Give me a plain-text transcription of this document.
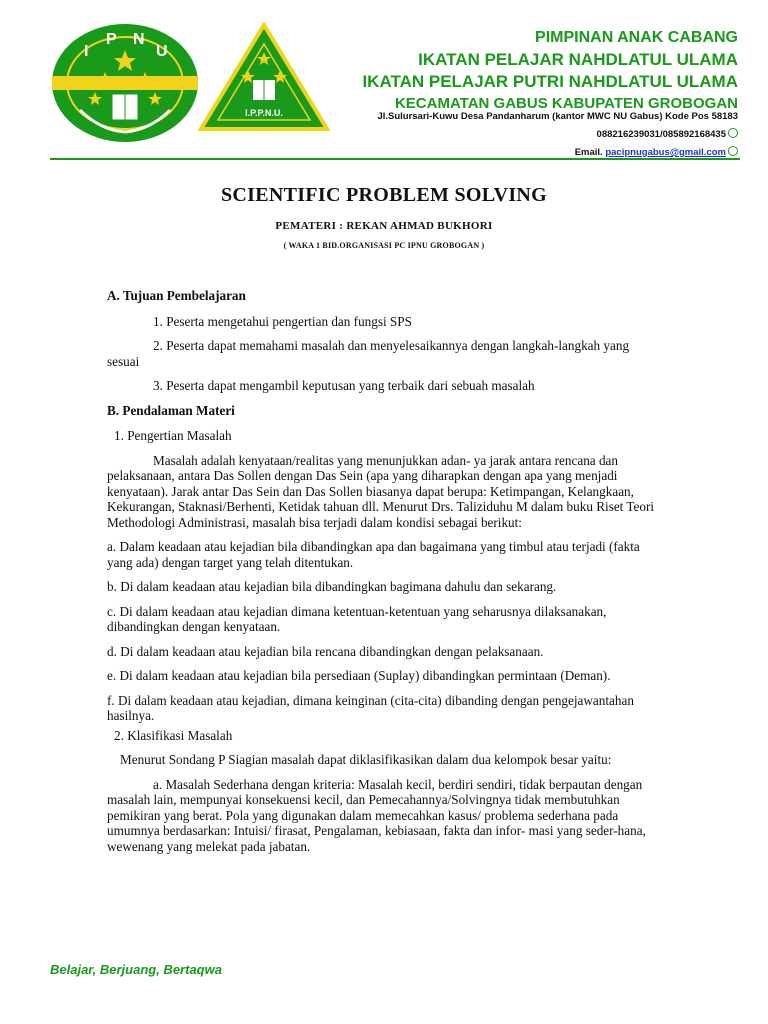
I
P N
U
I.P.P.N.U.
PIMPINAN ANAK CABANG
IKATAN PELAJAR NAHDLATUL ULAMA
IKATAN PELAJAR PUTRI NAHDLATUL ULAMA
KECAMATAN GABUS KABUPATEN GROBOGAN
Jl.Sulursari-Kuwu Desa Pandanharum (kantor MWC NU Gabus) Kode Pos 58183
088216239031/085892168435
Email. pacipnugabus@gmail.com
SCIENTIFIC PROBLEM SOLVING
PEMATERI : REKAN AHMAD BUKHORI
( WAKA 1 BID.ORGANISASI PC IPNU GROBOGAN )

A. Tujuan Pembelajaran

1. Peserta mengetahui pengertian dan fungsi SPS

2. Peserta dapat memahami masalah dan menyelesaikannya dengan langkah-langkah yang sesuai

3. Peserta dapat mengambil keputusan yang terbaik dari sebuah masalah

B. Pendalaman Materi

1. Pengertian Masalah

Masalah adalah kenyataan/realitas yang menunjukkan adan- ya jarak antara rencana dan pelaksanaan, antara Das Sollen dengan Das Sein (apa yang diharapkan dengan apa yang menjadi kenyataan). Jarak antar Das Sein dan Das Sollen biasanya dapat berupa: Ketimpangan, Kelangkaan, Kekurangan, Staknasi/Berhenti, Ketidak tahuan dll. Menurut Drs. Taliziduhu M dalam buku Riset Teori Methodologi Administrasi, masalah bisa terjadi dalam kondisi sebagai berikut:

a. Dalam keadaan atau kejadian bila dibandingkan apa dan bagaimana yang timbul atau terjadi (fakta yang ada) dengan target yang telah ditentukan.

b. Di dalam keadaan atau kejadian bila dibandingkan bagimana dahulu dan sekarang.

c. Di dalam keadaan atau kejadian dimana ketentuan-ketentuan yang seharusnya dilaksanakan, dibandingkan dengan kenyataan.

d. Di dalam keadaan atau kejadian bila rencana dibandingkan dengan pelaksanaan.

e. Di dalam keadaan atau kejadian bila persediaan (Suplay) dibandingkan permintaan (Deman).

f. Di dalam keadaan atau kejadian, dimana keinginan (cita-cita) dibanding dengan pengejawantahan hasilnya.

2. Klasifikasi Masalah

Menurut Sondang P Siagian masalah dapat diklasifikasikan dalam dua kelompok besar yaitu:

a. Masalah Sederhana dengan kriteria: Masalah kecil, berdiri sendiri, tidak berpautan dengan masalah lain, mempunyai konsekuensi kecil, dan Pemecahannya/Solvingnya tidak membutuhkan pemikiran yang berat. Pola yang digunakan dalam memecahkan kasus/ problema sederhana pada umumnya berdasarkan: Intuisi/ firasat, Pengalaman, kebiasaan, fakta dan infor- masi yang seder-hana, wewenang yang melekat pada jabatan.

Belajar, Berjuang, Bertaqwa
